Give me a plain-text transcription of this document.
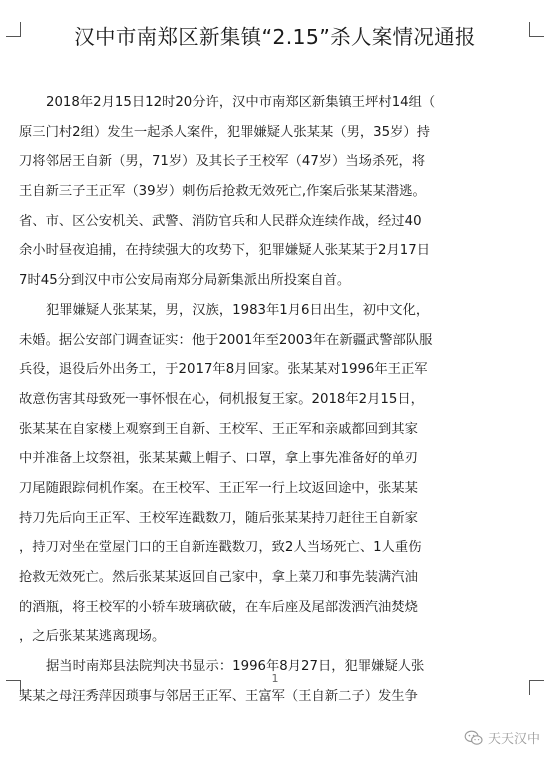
汉中市南郑区新集镇“2.15”杀人案情况通报
2018年2月15日12时20分许，汉中市南郑区新集镇王坪村14组（
原三门村2组）发生一起杀人案件，犯罪嫌疑人张某某（男，35岁）持
刀将邻居王自新（男，71岁）及其长子王校军（47岁）当场杀死，将
王自新三子王正军（39岁）刺伤后抢救无效死亡,作案后张某某潜逃。
省、市、区公安机关、武警、消防官兵和人民群众连续作战，经过40
余小时昼夜追捕，在持续强大的攻势下，犯罪嫌疑人张某某于2月17日
7时45分到汉中市公安局南郑分局新集派出所投案自首。
犯罪嫌疑人张某某，男，汉族，1983年1月6日出生，初中文化，
未婚。据公安部门调查证实：他于2001年至2003年在新疆武警部队服
兵役，退役后外出务工，于2017年8月回家。张某某对1996年王正军
故意伤害其母致死一事怀恨在心，伺机报复王家。2018年2月15日，
张某某在自家楼上观察到王自新、王校军、王正军和亲戚都回到其家
中并准备上坟祭祖，张某某戴上帽子、口罩，拿上事先准备好的单刃
刀尾随跟踪伺机作案。在王校军、王正军一行上坟返回途中，张某某
持刀先后向王正军、王校军连戳数刀，随后张某某持刀赶往王自新家
，持刀对坐在堂屋门口的王自新连戳数刀，致2人当场死亡、1人重伤
抢救无效死亡。然后张某某返回自己家中，拿上菜刀和事先装满汽油
的酒瓶，将王校军的小轿车玻璃砍破，在车后座及尾部泼洒汽油焚烧
，之后张某某逃离现场。
据当时南郑县法院判决书显示：1996年8月27日，犯罪嫌疑人张
某某之母汪秀萍因琐事与邻居王正军、王富军（王自新二子）发生争
1
天天汉中
